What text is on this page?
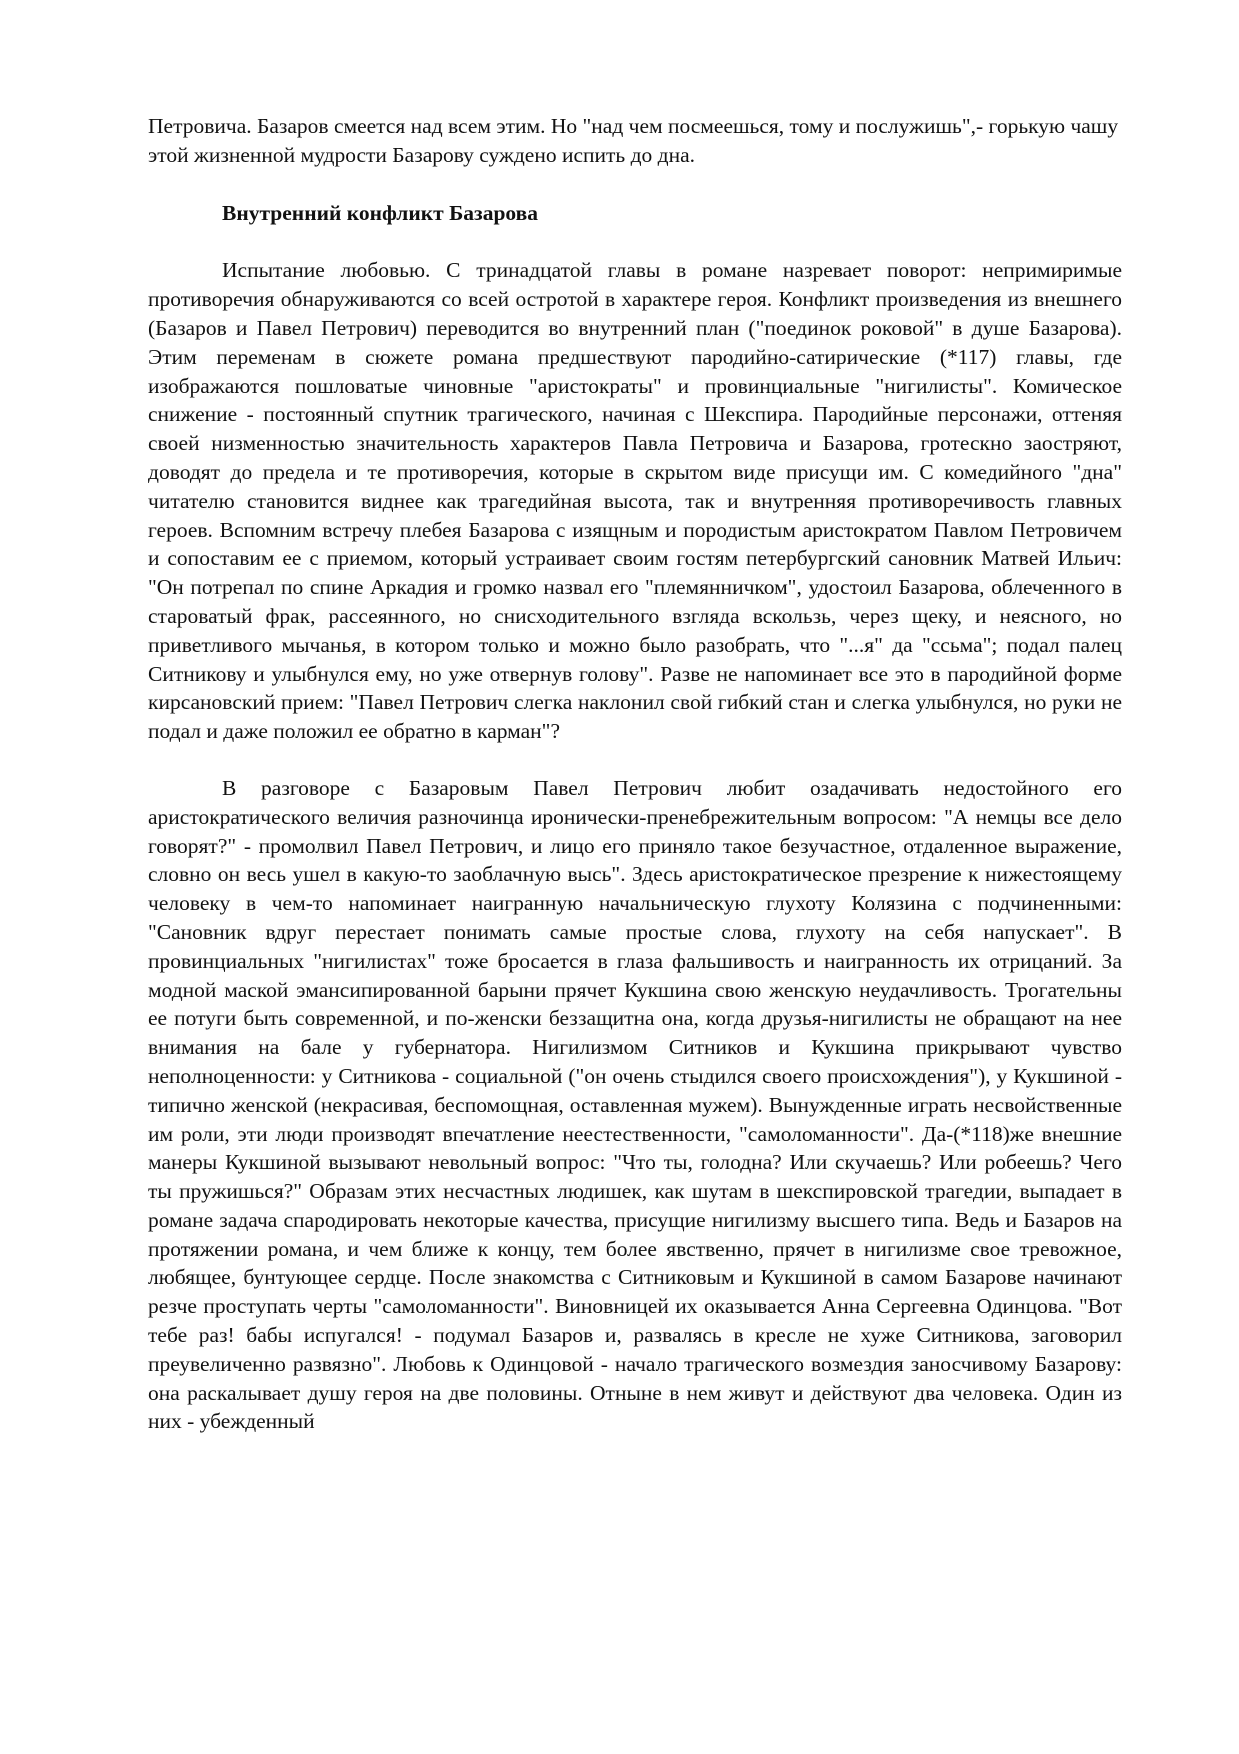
Петровича. Базаров смеется над всем этим. Но "над чем посмеешься, тому и послужишь",- горькую чашу этой жизненной мудрости Базарову суждено испить до дна.

Внутренний конфликт Базарова

Испытание любовью. С тринадцатой главы в романе назревает поворот: непримиримые противоречия обнаруживаются со всей остротой в характере героя. Конфликт произведения из внешнего (Базаров и Павел Петрович) переводится во внутренний план ("поединок роковой" в душе Базарова). Этим переменам в сюжете романа предшествуют пародийно-сатирические (*117) главы, где изображаются пошловатые чиновные "аристократы" и провинциальные "нигилисты". Комическое снижение - постоянный спутник трагического, начиная с Шекспира. Пародийные персонажи, оттеняя своей низменностью значительность характеров Павла Петровича и Базарова, гротескно заостряют, доводят до предела и те противоречия, которые в скрытом виде присущи им. С комедийного "дна" читателю становится виднее как трагедийная высота, так и внутренняя противоречивость главных героев. Вспомним встречу плебея Базарова с изящным и породистым аристократом Павлом Петровичем и сопоставим ее с приемом, который устраивает своим гостям петербургский сановник Матвей Ильич: "Он потрепал по спине Аркадия и громко назвал его "племянничком", удостоил Базарова, облеченного в староватый фрак, рассеянного, но снисходительного взгляда вскользь, через щеку, и неясного, но приветливого мычанья, в котором только и можно было разобрать, что "...я" да "ссьма"; подал палец Ситникову и улыбнулся ему, но уже отвернув голову". Разве не напоминает все это в пародийной форме кирсановский прием: "Павел Петрович слегка наклонил свой гибкий стан и слегка улыбнулся, но руки не подал и даже положил ее обратно в карман"?

В разговоре с Базаровым Павел Петрович любит озадачивать недостойного его аристократического величия разночинца иронически-пренебрежительным вопросом: "А немцы все дело говорят?" - промолвил Павел Петрович, и лицо его приняло такое безучастное, отдаленное выражение, словно он весь ушел в какую-то заоблачную высь". Здесь аристократическое презрение к нижестоящему человеку в чем-то напоминает наигранную начальническую глухоту Колязина с подчиненными: "Сановник вдруг перестает понимать самые простые слова, глухоту на себя напускает". В провинциальных "нигилистах" тоже бросается в глаза фальшивость и наигранность их отрицаний. За модной маской эмансипированной барыни прячет Кукшина свою женскую неудачливость. Трогательны ее потуги быть современной, и по-женски беззащитна она, когда друзья-нигилисты не обращают на нее внимания на бале у губернатора. Нигилизмом Ситников и Кукшина прикрывают чувство неполноценности: у Ситникова - социальной ("он очень стыдился своего происхождения"), у Кукшиной - типично женской (некрасивая, беспомощная, оставленная мужем). Вынужденные играть несвойственные им роли, эти люди производят впечатление неестественности, "самоломанности". Да-(*118)же внешние манеры Кукшиной вызывают невольный вопрос: "Что ты, голодна? Или скучаешь? Или робеешь? Чего ты пружишься?" Образам этих несчастных людишек, как шутам в шекспировской трагедии, выпадает в романе задача спародировать некоторые качества, присущие нигилизму высшего типа. Ведь и Базаров на протяжении романа, и чем ближе к концу, тем более явственно, прячет в нигилизме свое тревожное, любящее, бунтующее сердце. После знакомства с Ситниковым и Кукшиной в самом Базарове начинают резче проступать черты "самоломанности". Виновницей их оказывается Анна Сергеевна Одинцова. "Вот тебе раз! бабы испугался! - подумал Базаров и, развалясь в кресле не хуже Ситникова, заговорил преувеличенно развязно". Любовь к Одинцовой - начало трагического возмездия заносчивому Базарову: она раскалывает душу героя на две половины. Отныне в нем живут и действуют два человека. Один из них - убежденный
